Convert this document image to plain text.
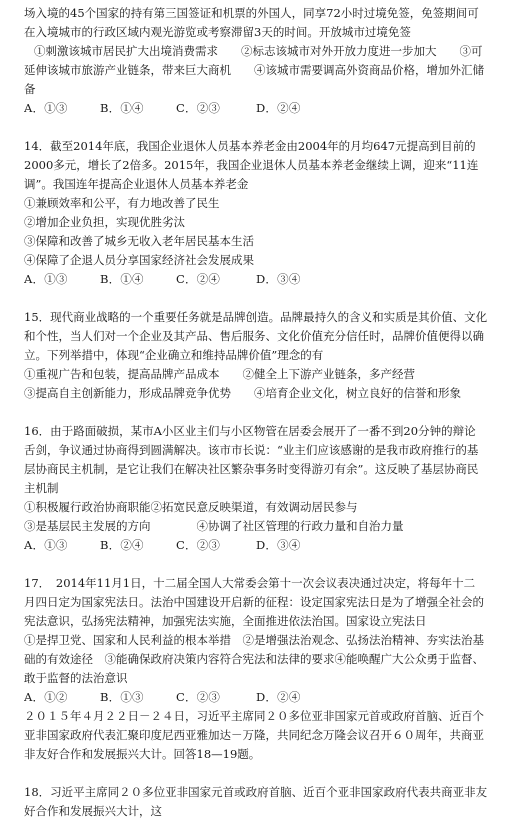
场入境的45个国家的持有第三国签证和机票的外国人，同享72小时过境免签，免签期间可
在入境城市的行政区域内观光游览或考察滞留3天的时间。开放城市过境免签
①刺激该城市居民扩大出境消费需求　　②标志该城市对外开放力度进一步加大　　③可
延伸该城市旅游产业链条，带来巨大商机　　④该城市需要调高外资商品价格，增加外汇储
备
A．①③	B．①④	C．②③	D．②④
14．截至2014年底，我国企业退休人员基本养老金由2004年的月均647元提高到目前的
2000多元，增长了2倍多。2015年，我国企业退休人员基本养老金继续上调，迎来“11连
调”。我国连年提高企业退休人员基本养老金
①兼顾效率和公平，有力地改善了民生
②增加企业负担，实现优胜劣汰
③保障和改善了城乡无收入老年居民基本生活
④保障了企退人员分享国家经济社会发展成果
A．①③	B．①④	C．②④	D．③④
15．现代商业战略的一个重要任务就是品牌创造。品牌最持久的含义和实质是其价值、文化
和个性，当人们对一个企业及其产品、售后服务、文化价值充分信任时，品牌价值便得以确
立。下列举措中，体现“企业确立和维持品牌价值”理念的有
①重视广告和包装，提高品牌产品成本　　②健全上下游产业链条，多产经营
③提高自主创新能力，形成品牌竞争优势　　④培育企业文化，树立良好的信誉和形象
16．由于路面破损，某市A小区业主们与小区物管在居委会展开了一番不到20分钟的辩论
舌剑，争议通过协商得到圆满解决。该市市长说：“业主们应该感谢的是我市政府推行的基
层协商民主机制，是它让我们在解决社区繁杂事务时变得游刃有余”。这反映了基层协商民
主机制
①积极履行政治协商职能②拓宽民意反映渠道，有效调动居民参与
③是基层民主发展的方向　　　　④协调了社区管理的行政力量和自治力量
A．①③	B．②④	C．②③	D．③④
17．　2014年11月1日，十二届全国人大常委会第十一次会议表决通过决定，将每年十二
月四日定为国家宪法日。法治中国建设开启新的征程：设定国家宪法日是为了增强全社会的
宪法意识，弘扬宪法精神，加强宪法实施，全面推进依法治国。国家设立宪法日
①是捍卫党、国家和人民利益的根本举措　②是增强法治观念、弘扬法治精神、夯实法治基
础的有效途径　③能确保政府决策内容符合宪法和法律的要求④能唤醒广大公众勇于监督、
敢于监督的法治意识
A．①②	B．①③	C．②③	D．②④
２０１５年４月２２日－２４日，习近平主席同２０多位亚非国家元首或政府首脑、近百个
亚非国家政府代表汇聚印度尼西亚雅加达－万隆，共同纪念万隆会议召开６０周年，共商亚
非友好合作和发展振兴大计。回答18—19题。
18．习近平主席同２０多位亚非国家元首或政府首脑、近百个亚非国家政府代表共商亚非友
好合作和发展振兴大计，这
